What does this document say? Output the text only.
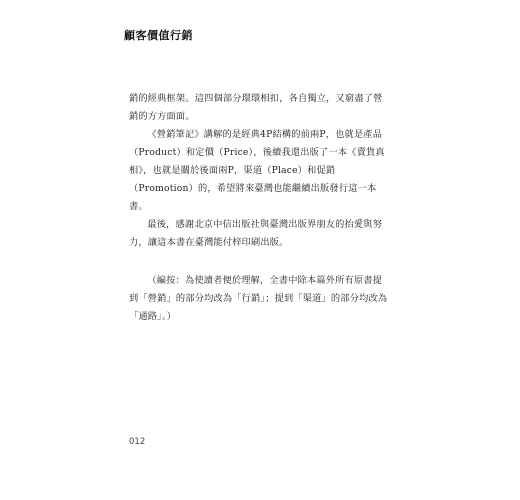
顧客價值行銷

銷的經典框架。這四個部分環環相扣，各自獨立，又窮盡了營銷的方方面面。

《營銷筆記》講解的是經典4P結構的前兩P，也就是產品（Product）和定價（Price），後續我還出版了一本《賣貨真相》，也就是關於後面兩P，渠道（Place）和促銷（Promotion）的，希望將來臺灣也能繼續出版發行這一本書。

最後，感謝北京中信出版社與臺灣出版界朋友的抬愛與努力，讓這本書在臺灣能付梓印刷出版。

（編按：為使讀者便於理解，全書中除本篇外所有原書提到「營銷」的部分均改為「行銷」；提到「渠道」的部分均改為「通路」。）

012
